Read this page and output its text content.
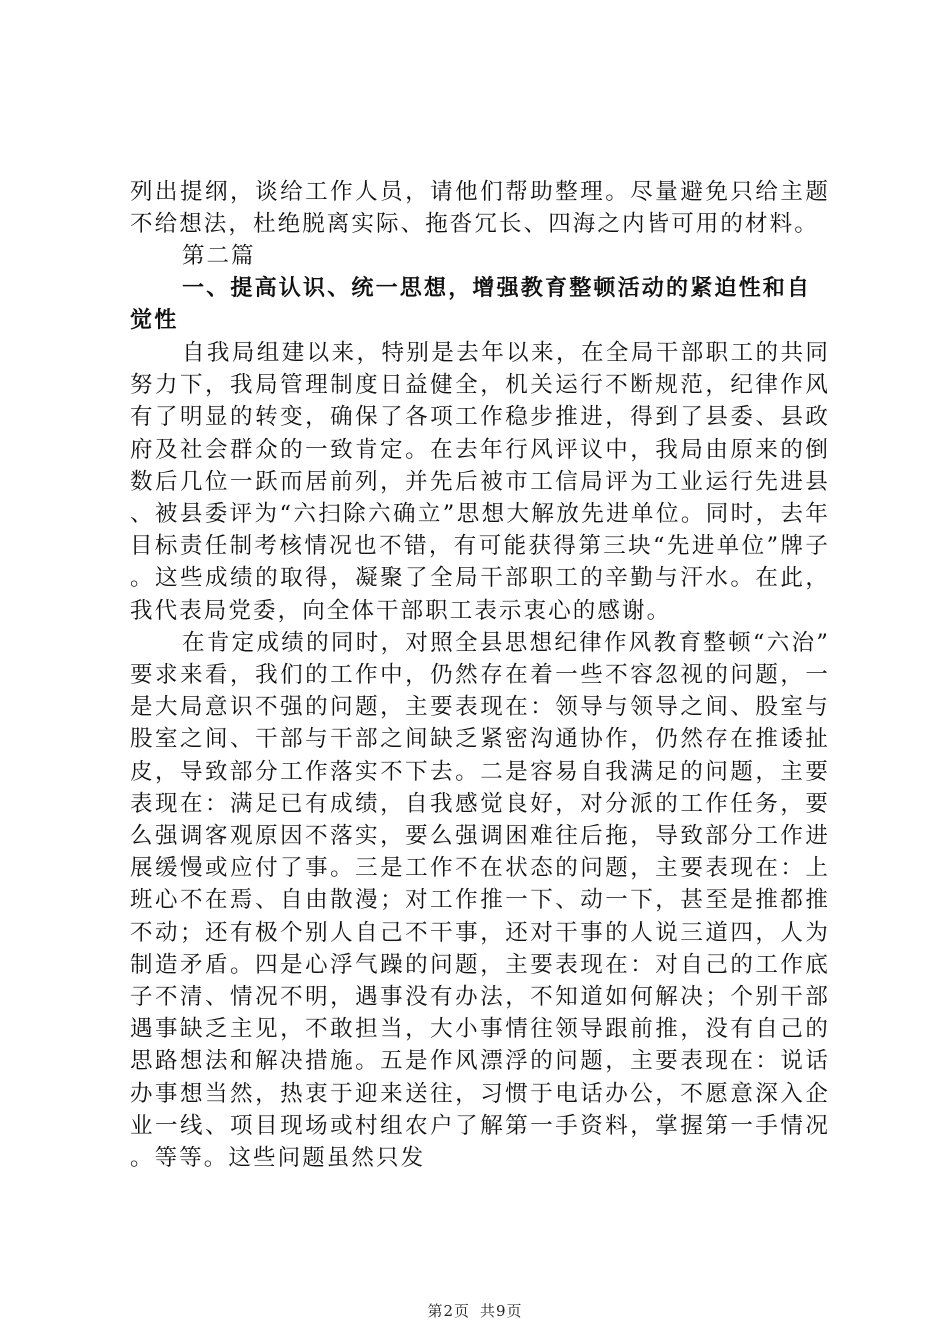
列出提纲，谈给工作人员，请他们帮助整理。尽量避免只给主题不给想法，杜绝脱离实际、拖沓冗长、四海之内皆可用的材料。

第二篇

一、提高认识、统一思想，增强教育整顿活动的紧迫性和自觉性

自我局组建以来，特别是去年以来，在全局干部职工的共同努力下，我局管理制度日益健全，机关运行不断规范，纪律作风有了明显的转变，确保了各项工作稳步推进，得到了县委、县政府及社会群众的一致肯定。在去年行风评议中，我局由原来的倒数后几位一跃而居前列，并先后被市工信局评为工业运行先进县、被县委评为“六扫除六确立”思想大解放先进单位。同时，去年目标责任制考核情况也不错，有可能获得第三块“先进单位”牌子。这些成绩的取得，凝聚了全局干部职工的辛勤与汗水。在此，我代表局党委，向全体干部职工表示衷心的感谢。

在肯定成绩的同时，对照全县思想纪律作风教育整顿“六治”要求来看，我们的工作中，仍然存在着一些不容忽视的问题，一是大局意识不强的问题，主要表现在：领导与领导之间、股室与股室之间、干部与干部之间缺乏紧密沟通协作，仍然存在推诿扯皮，导致部分工作落实不下去。二是容易自我满足的问题，主要表现在：满足已有成绩，自我感觉良好，对分派的工作任务，要么强调客观原因不落实，要么强调困难往后拖，导致部分工作进展缓慢或应付了事。三是工作不在状态的问题，主要表现在：上班心不在焉、自由散漫；对工作推一下、动一下，甚至是推都推不动；还有极个别人自己不干事，还对干事的人说三道四，人为制造矛盾。四是心浮气躁的问题，主要表现在：对自己的工作底子不清、情况不明，遇事没有办法，不知道如何解决；个别干部遇事缺乏主见，不敢担当，大小事情往领导跟前推，没有自己的思路想法和解决措施。五是作风漂浮的问题，主要表现在：说话办事想当然，热衷于迎来送往，习惯于电话办公，不愿意深入企业一线、项目现场或村组农户了解第一手资料，掌握第一手情况。等等。这些问题虽然只发

第2页 共9页
